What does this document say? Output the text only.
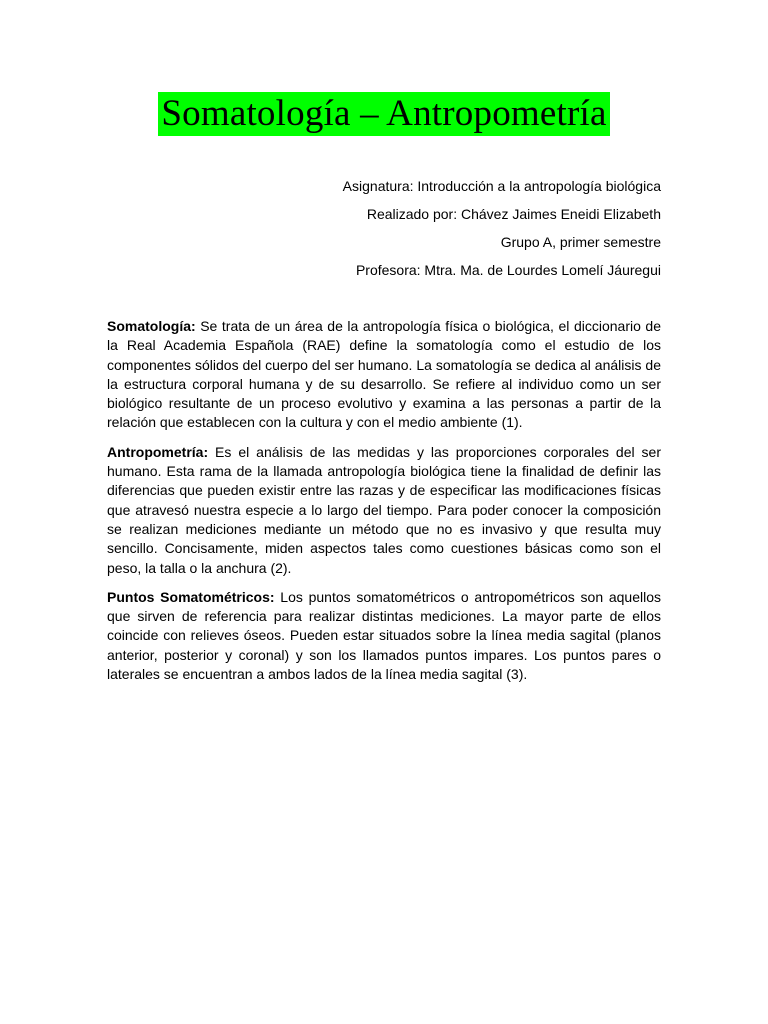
Somatología – Antropometría
Asignatura: Introducción a la antropología biológica
Realizado por: Chávez Jaimes Eneidi Elizabeth
Grupo A, primer semestre
Profesora: Mtra. Ma. de Lourdes Lomelí Jáuregui

Somatología: Se trata de un área de la antropología física o biológica, el diccionario de la Real Academia Española (RAE) define la somatología como el estudio de los componentes sólidos del cuerpo del ser humano. La somatología se dedica al análisis de la estructura corporal humana y de su desarrollo. Se refiere al individuo como un ser biológico resultante de un proceso evolutivo y examina a las personas a partir de la relación que establecen con la cultura y con el medio ambiente (1).

Antropometría: Es el análisis de las medidas y las proporciones corporales del ser humano. Esta rama de la llamada antropología biológica tiene la finalidad de definir las diferencias que pueden existir entre las razas y de especificar las modificaciones físicas que atravesó nuestra especie a lo largo del tiempo. Para poder conocer la composición se realizan mediciones mediante un método que no es invasivo y que resulta muy sencillo. Concisamente, miden aspectos tales como cuestiones básicas como son el peso, la talla o la anchura (2).

Puntos Somatométricos: Los puntos somatométricos o antropométricos son aquellos que sirven de referencia para realizar distintas mediciones. La mayor parte de ellos coincide con relieves óseos. Pueden estar situados sobre la línea media sagital (planos anterior, posterior y coronal) y son los llamados puntos impares. Los puntos pares o laterales se encuentran a ambos lados de la línea media sagital (3).
